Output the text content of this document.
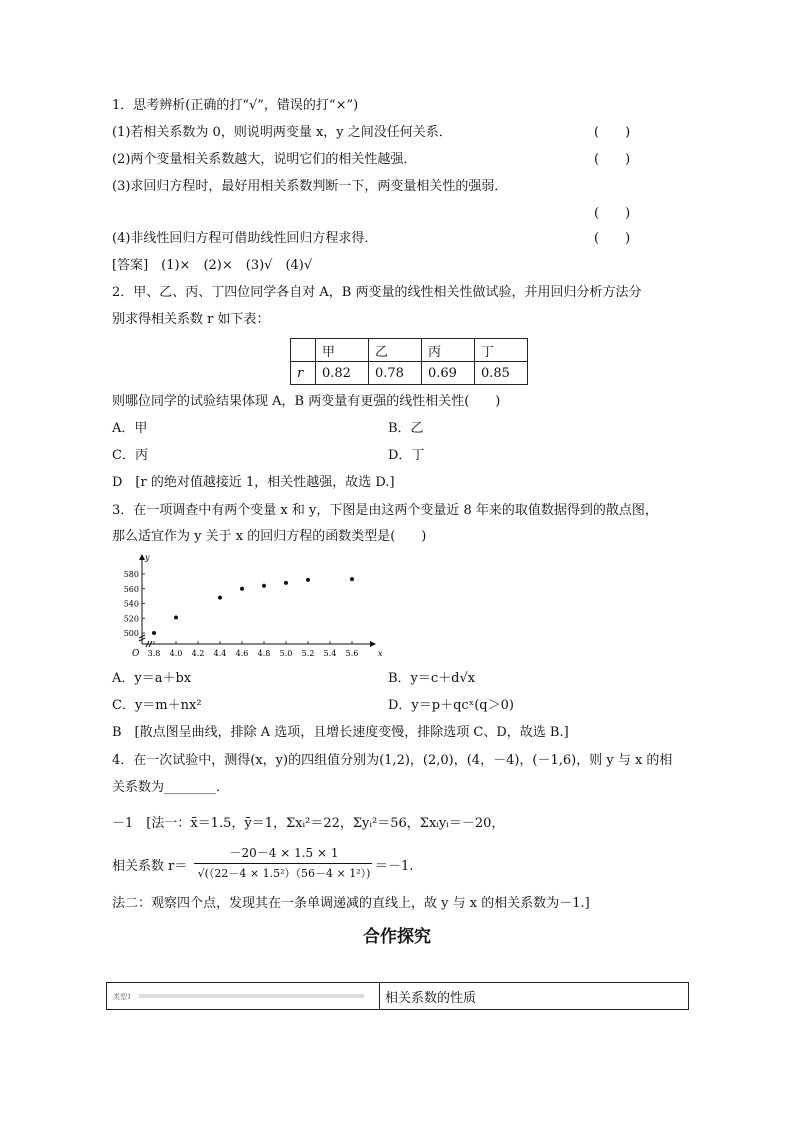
1．思考辨析(正确的打“√”，错误的打“×”)
(1)若相关系数为 0，则说明两变量 x，y 之间没任何关系．	(　　)
(2)两个变量相关系数越大，说明它们的相关性越强．	(　　)
(3)求回归方程时，最好用相关系数判断一下，两变量相关性的强弱．
(　　)
(4)非线性回归方程可借助线性回归方程求得．	(　　)
[答案]　(1)×　(2)×　(3)√　(4)√
2．甲、乙、丙、丁四位同学各自对 A，B 两变量的线性相关性做试验，并用回归分析方法分
别求得相关系数 r 如下表：
	甲	乙	丙	丁
r	0.82	0.78	0.69	0.85
则哪位同学的试验结果体现 A，B 两变量有更强的线性相关性(　　)
A．甲	B．乙
C．丙	D．丁
D　[r 的绝对值越接近 1，相关性越强，故选 D.]
3．在一项调查中有两个变量 x 和 y，下图是由这两个变量近 8 年来的取值数据得到的散点图，
那么适宜作为 y 关于 x 的回归方程的函数类型是(　　)
x
y
O 3.8 4.0 4.2 4.4 4.6 4.8 5.0 5.2 5.4 5.6
500
520
540
560
580
A．y＝a＋bx	B．y＝c＋d√x
C．y＝m＋nx²	D．y＝p＋qcˣ(q＞0)
B　[散点图呈曲线，排除 A 选项，且增长速度变慢，排除选项 C、D，故选 B.]
4．在一次试验中，测得(x，y)的四组值分别为(1,2)，(2,0)，(4，－4)，(－1,6)，则 y 与 x 的相
关系数为________．
－1　[法一：x̄＝1.5，ȳ＝1，Σxᵢ²＝22，Σyᵢ²＝56，Σxᵢyᵢ＝－20，
相关系数 r＝
－20－4 × 1.5 × 1
√(（22－4 × 1.5²）（56－4 × 1²）) ＝－1.
法二：观察四个点，发现其在一条单调递减的直线上，故 y 与 x 的相关系数为－1.]
合作探究
类型1	相关系数的性质
